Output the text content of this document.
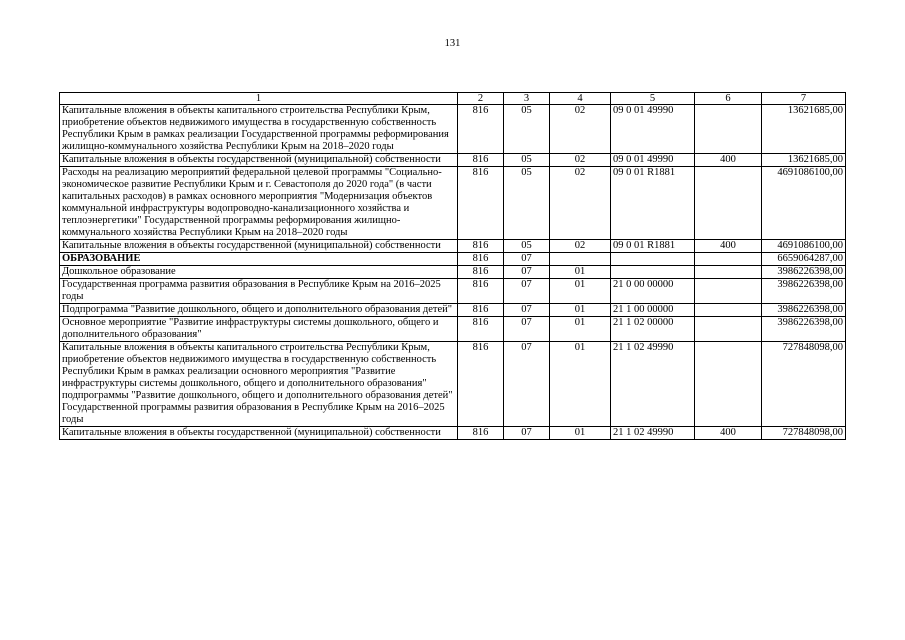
131
1	2	3	4	5	6	7
Капитальные вложения в объекты капитального строительства Республики Крым, приобретение объектов недвижимого имущества в государственную собственность Республики Крым в рамках реализации Государственной программы реформирования жилищно-коммунального хозяйства Республики Крым на 2018–2020 годы	816	05	02	09 0 01 49990		13621685,00
Капитальные вложения в объекты государственной (муниципальной) собственности	816	05	02	09 0 01 49990	400	13621685,00
Расходы на реализацию мероприятий федеральной целевой программы "Социально-экономическое развитие Республики Крым и г. Севастополя до 2020 года" (в части капитальных расходов) в рамках основного мероприятия "Модернизация объектов коммунальной инфраструктуры водопроводно-канализационного хозяйства и теплоэнергетики" Государственной программы реформирования жилищно-коммунального хозяйства Республики Крым на 2018–2020 годы	816	05	02	09 0 01 R1881		4691086100,00
Капитальные вложения в объекты государственной (муниципальной) собственности	816	05	02	09 0 01 R1881	400	4691086100,00
ОБРАЗОВАНИЕ	816	07				6659064287,00
Дошкольное образование	816	07	01			3986226398,00
Государственная программа развития образования в Республике Крым на 2016–2025 годы	816	07	01	21 0 00 00000		3986226398,00
Подпрограмма "Развитие дошкольного, общего и дополнительного образования детей"	816	07	01	21 1 00 00000		3986226398,00
Основное мероприятие "Развитие инфраструктуры системы дошкольного, общего и дополнительного образования"	816	07	01	21 1 02 00000		3986226398,00
Капитальные вложения в объекты капитального строительства Республики Крым, приобретение объектов недвижимого имущества в государственную собственность Республики Крым в рамках реализации основного мероприятия "Развитие инфраструктуры системы дошкольного, общего и дополнительного образования" подпрограммы "Развитие дошкольного, общего и дополнительного образования детей" Государственной программы развития образования в Республике Крым на 2016–2025 годы	816	07	01	21 1 02 49990		727848098,00
Капитальные вложения в объекты государственной (муниципальной) собственности	816	07	01	21 1 02 49990	400	727848098,00
